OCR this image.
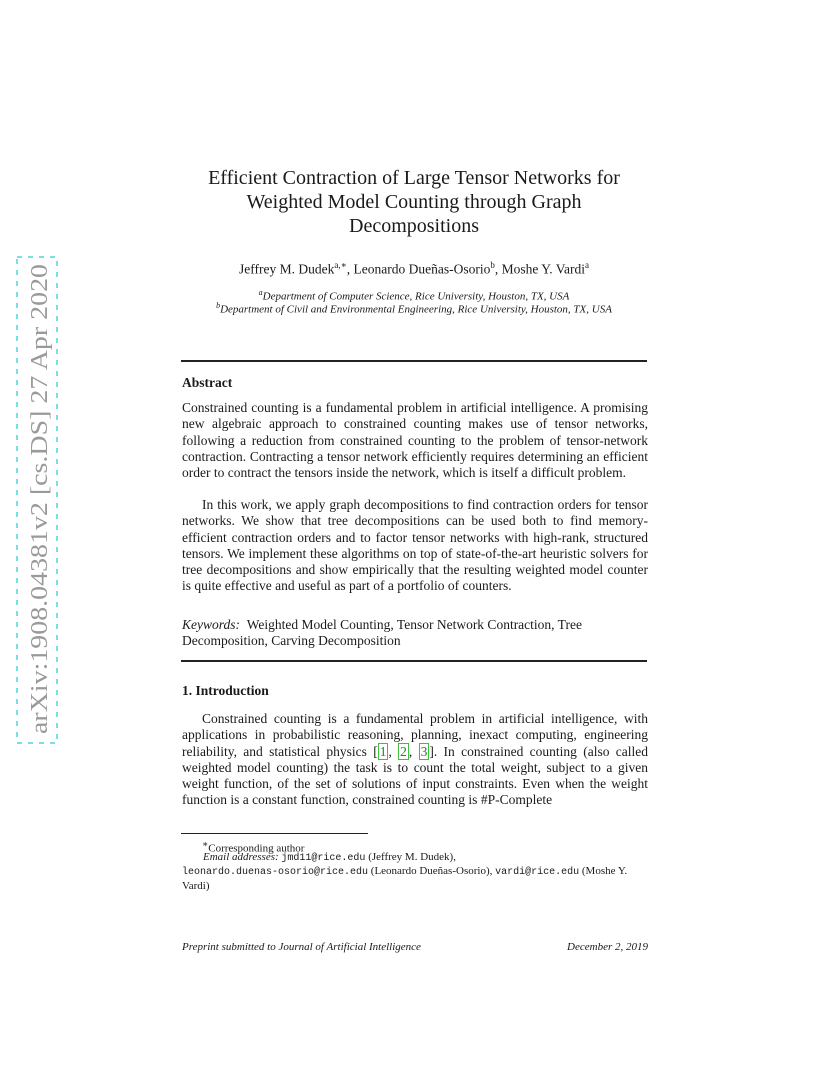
arXiv:1908.04381v2 [cs.DS] 27 Apr 2020
Efficient Contraction of Large Tensor Networks for
Weighted Model Counting through Graph
Decompositions
Jeffrey M. Dudek$^{a,∗}$, Leonardo Dueñas-Osorio$^b$, Moshe Y. Vardi$^a$
$^a$Department of Computer Science, Rice University, Houston, TX, USA
$^b$Department of Civil and Environmental Engineering, Rice University, Houston, TX, USA
Abstract
Constrained counting is a fundamental problem in artificial intelligence. A promising new algebraic approach to constrained counting makes use of tensor networks, following a reduction from constrained counting to the problem of tensor-network contraction. Contracting a tensor network efficiently requires determining an efficient order to contract the tensors inside the network, which is itself a difficult problem.
In this work, we apply graph decompositions to find contraction orders for tensor networks. We show that tree decompositions can be used both to find memory-efficient contraction orders and to factor tensor networks with high-rank, structured tensors. We implement these algorithms on top of state-of-the-art heuristic solvers for tree decompositions and show empirically that the resulting weighted model counter is quite effective and useful as part of a portfolio of counters.
Keywords: Weighted Model Counting, Tensor Network Contraction, Tree Decomposition, Carving Decomposition
1. Introduction
Constrained counting is a fundamental problem in artificial intelligence, with applications in probabilistic reasoning, planning, inexact computing, engineering reliability, and statistical physics [ 1 , 2 , 3 ]. In constrained counting (also called weighted model counting) the task is to count the total weight, subject to a given weight function, of the set of solutions of input constraints. Even when the weight function is a constant function, constrained counting is #P-Complete
∗Corresponding author
Email addresses: jmd11@rice.edu (Jeffrey M. Dudek),
leonardo.duenas-osorio@rice.edu (Leonardo Dueñas-Osorio), vardi@rice.edu (Moshe Y. Vardi)
Preprint submitted to Journal of Artificial Intelligence	December 2, 2019
